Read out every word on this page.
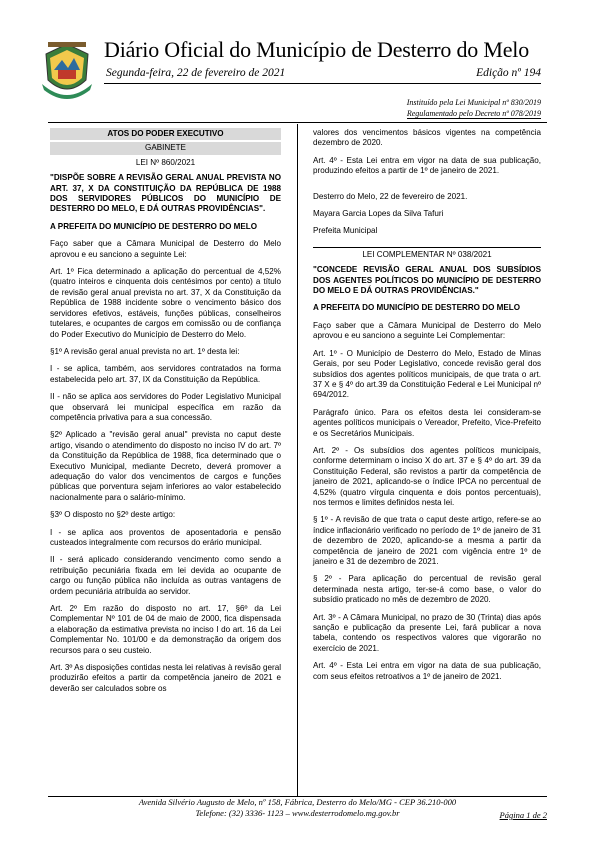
Diário Oficial do Município de Desterro do Melo
Segunda-feira, 22 de fevereiro de 2021	Edição nº 194
Instituído pela Lei Municipal nº 830/2019
Regulamentado pelo Decreto nº 078/2019
ATOS DO PODER EXECUTIVO
GABINETE
LEI Nº 860/2021

"DISPÕE SOBRE A REVISÃO GERAL ANUAL PREVISTA NO ART. 37, X DA CONSTITUIÇÃO DA REPÚBLICA DE 1988 DOS SERVIDORES PÚBLICOS DO MUNICÍPIO DE DESTERRO DO MELO, E DÁ OUTRAS PROVIDÊNCIAS".

A PREFEITA DO MUNICÍPIO DE DESTERRO DO MELO

Faço saber que a Câmara Municipal de Desterro do Melo aprovou e eu sanciono a seguinte Lei:

Art. 1º Fica determinado a aplicação do percentual de 4,52% (quatro inteiros e cinquenta dois centésimos por cento) a título de revisão geral anual prevista no art. 37, X da Constituição da República de 1988 incidente sobre o vencimento básico dos servidores efetivos, estáveis, funções públicas, conselheiros tutelares, e ocupantes de cargos em comissão ou de confiança do Poder Executivo do Município de Desterro do Melo.

§1º A revisão geral anual prevista no art. 1º desta lei:

I - se aplica, também, aos servidores contratados na forma estabelecida pelo art. 37, IX da Constituição da República.

II - não se aplica aos servidores do Poder Legislativo Municipal que observará lei municipal específica em razão da competência privativa para a sua concessão.

§2º Aplicado a "revisão geral anual" prevista no caput deste artigo, visando o atendimento do disposto no inciso IV do art. 7º da Constituição da República de 1988, fica determinado que o Executivo Municipal, mediante Decreto, deverá promover a adequação do valor dos vencimentos de cargos e funções públicas que porventura sejam inferiores ao valor estabelecido nacionalmente para o salário-mínimo.

§3º O disposto no §2º deste artigo:

I - se aplica aos proventos de aposentadoria e pensão custeados integralmente com recursos do erário municipal.

II - será aplicado considerando vencimento como sendo a retribuição pecuniária fixada em lei devida ao ocupante de cargo ou função pública não incluída as outras vantagens de ordem pecuniária atribuída ao servidor.

Art. 2º Em razão do disposto no art. 17, §6º da Lei Complementar Nº 101 de 04 de maio de 2000, fica dispensada a elaboração da estimativa prevista no inciso I do art. 16 da Lei Complementar No. 101/00 e da demonstração da origem dos recursos para o seu custeio.

Art. 3º As disposições contidas nesta lei relativas à revisão geral produzirão efeitos a partir da competência janeiro de 2021 e deverão ser calculados sobre os

valores dos vencimentos básicos vigentes na competência dezembro de 2020.

Art. 4º - Esta Lei entra em vigor na data de sua publicação, produzindo efeitos a partir de 1º de janeiro de 2021.

Desterro do Melo, 22 de fevereiro de 2021.

Mayara Garcia Lopes da Silva Tafuri

Prefeita Municipal

LEI COMPLEMENTAR Nº 038/2021

"CONCEDE REVISÃO GERAL ANUAL DOS SUBSÍDIOS DOS AGENTES POLÍTICOS DO MUNICÍPIO DE DESTERRO DO MELO E DÁ OUTRAS PROVIDÊNCIAS."

A PREFEITA DO MUNICÍPIO DE DESTERRO DO MELO

Faço saber que a Câmara Municipal de Desterro do Melo aprovou e eu sanciono a seguinte Lei Complementar:

Art. 1º - O Município de Desterro do Melo, Estado de Minas Gerais, por seu Poder Legislativo, concede revisão geral dos subsídios dos agentes políticos municipais, de que trata o art. 37 X e § 4º do art.39 da Constituição Federal e Lei Municipal nº 694/2012.

Parágrafo único. Para os efeitos desta lei consideram-se agentes políticos municipais o Vereador, Prefeito, Vice-Prefeito e os Secretários Municipais.

Art. 2º - Os subsídios dos agentes políticos municipais, conforme determinam o inciso X do art. 37 e § 4º do art. 39 da Constituição Federal, são revistos a partir da competência de janeiro de 2021, aplicando-se o índice IPCA no percentual de 4,52% (quatro vírgula cinquenta e dois pontos percentuais), nos termos e limites definidos nesta lei.

§ 1º - A revisão de que trata o caput deste artigo, refere-se ao índice inflacionário verificado no período de 1º de janeiro de 31 de dezembro de 2020, aplicando-se a mesma a partir da competência de janeiro de 2021 com vigência entre 1º de janeiro e 31 de dezembro de 2021.

§ 2º - Para aplicação do percentual de revisão geral determinada nesta artigo, ter-se-á como base, o valor do subsídio praticado no mês de dezembro de 2020.

Art. 3º - A Câmara Municipal, no prazo de 30 (Trinta) dias após sanção e publicação da presente Lei, fará publicar a nova tabela, contendo os respectivos valores que vigorarão no exercício de 2021.

Art. 4º - Esta Lei entra em vigor na data de sua publicação, com seus efeitos retroativos a 1º de janeiro de 2021.

Avenida Silvério Augusto de Melo, nº 158, Fábrica, Desterro do Melo/MG - CEP 36.210-000
Telefone: (32) 3336- 1123 – www.desterrodomelo.mg.gov.br	Página 1 de 2
